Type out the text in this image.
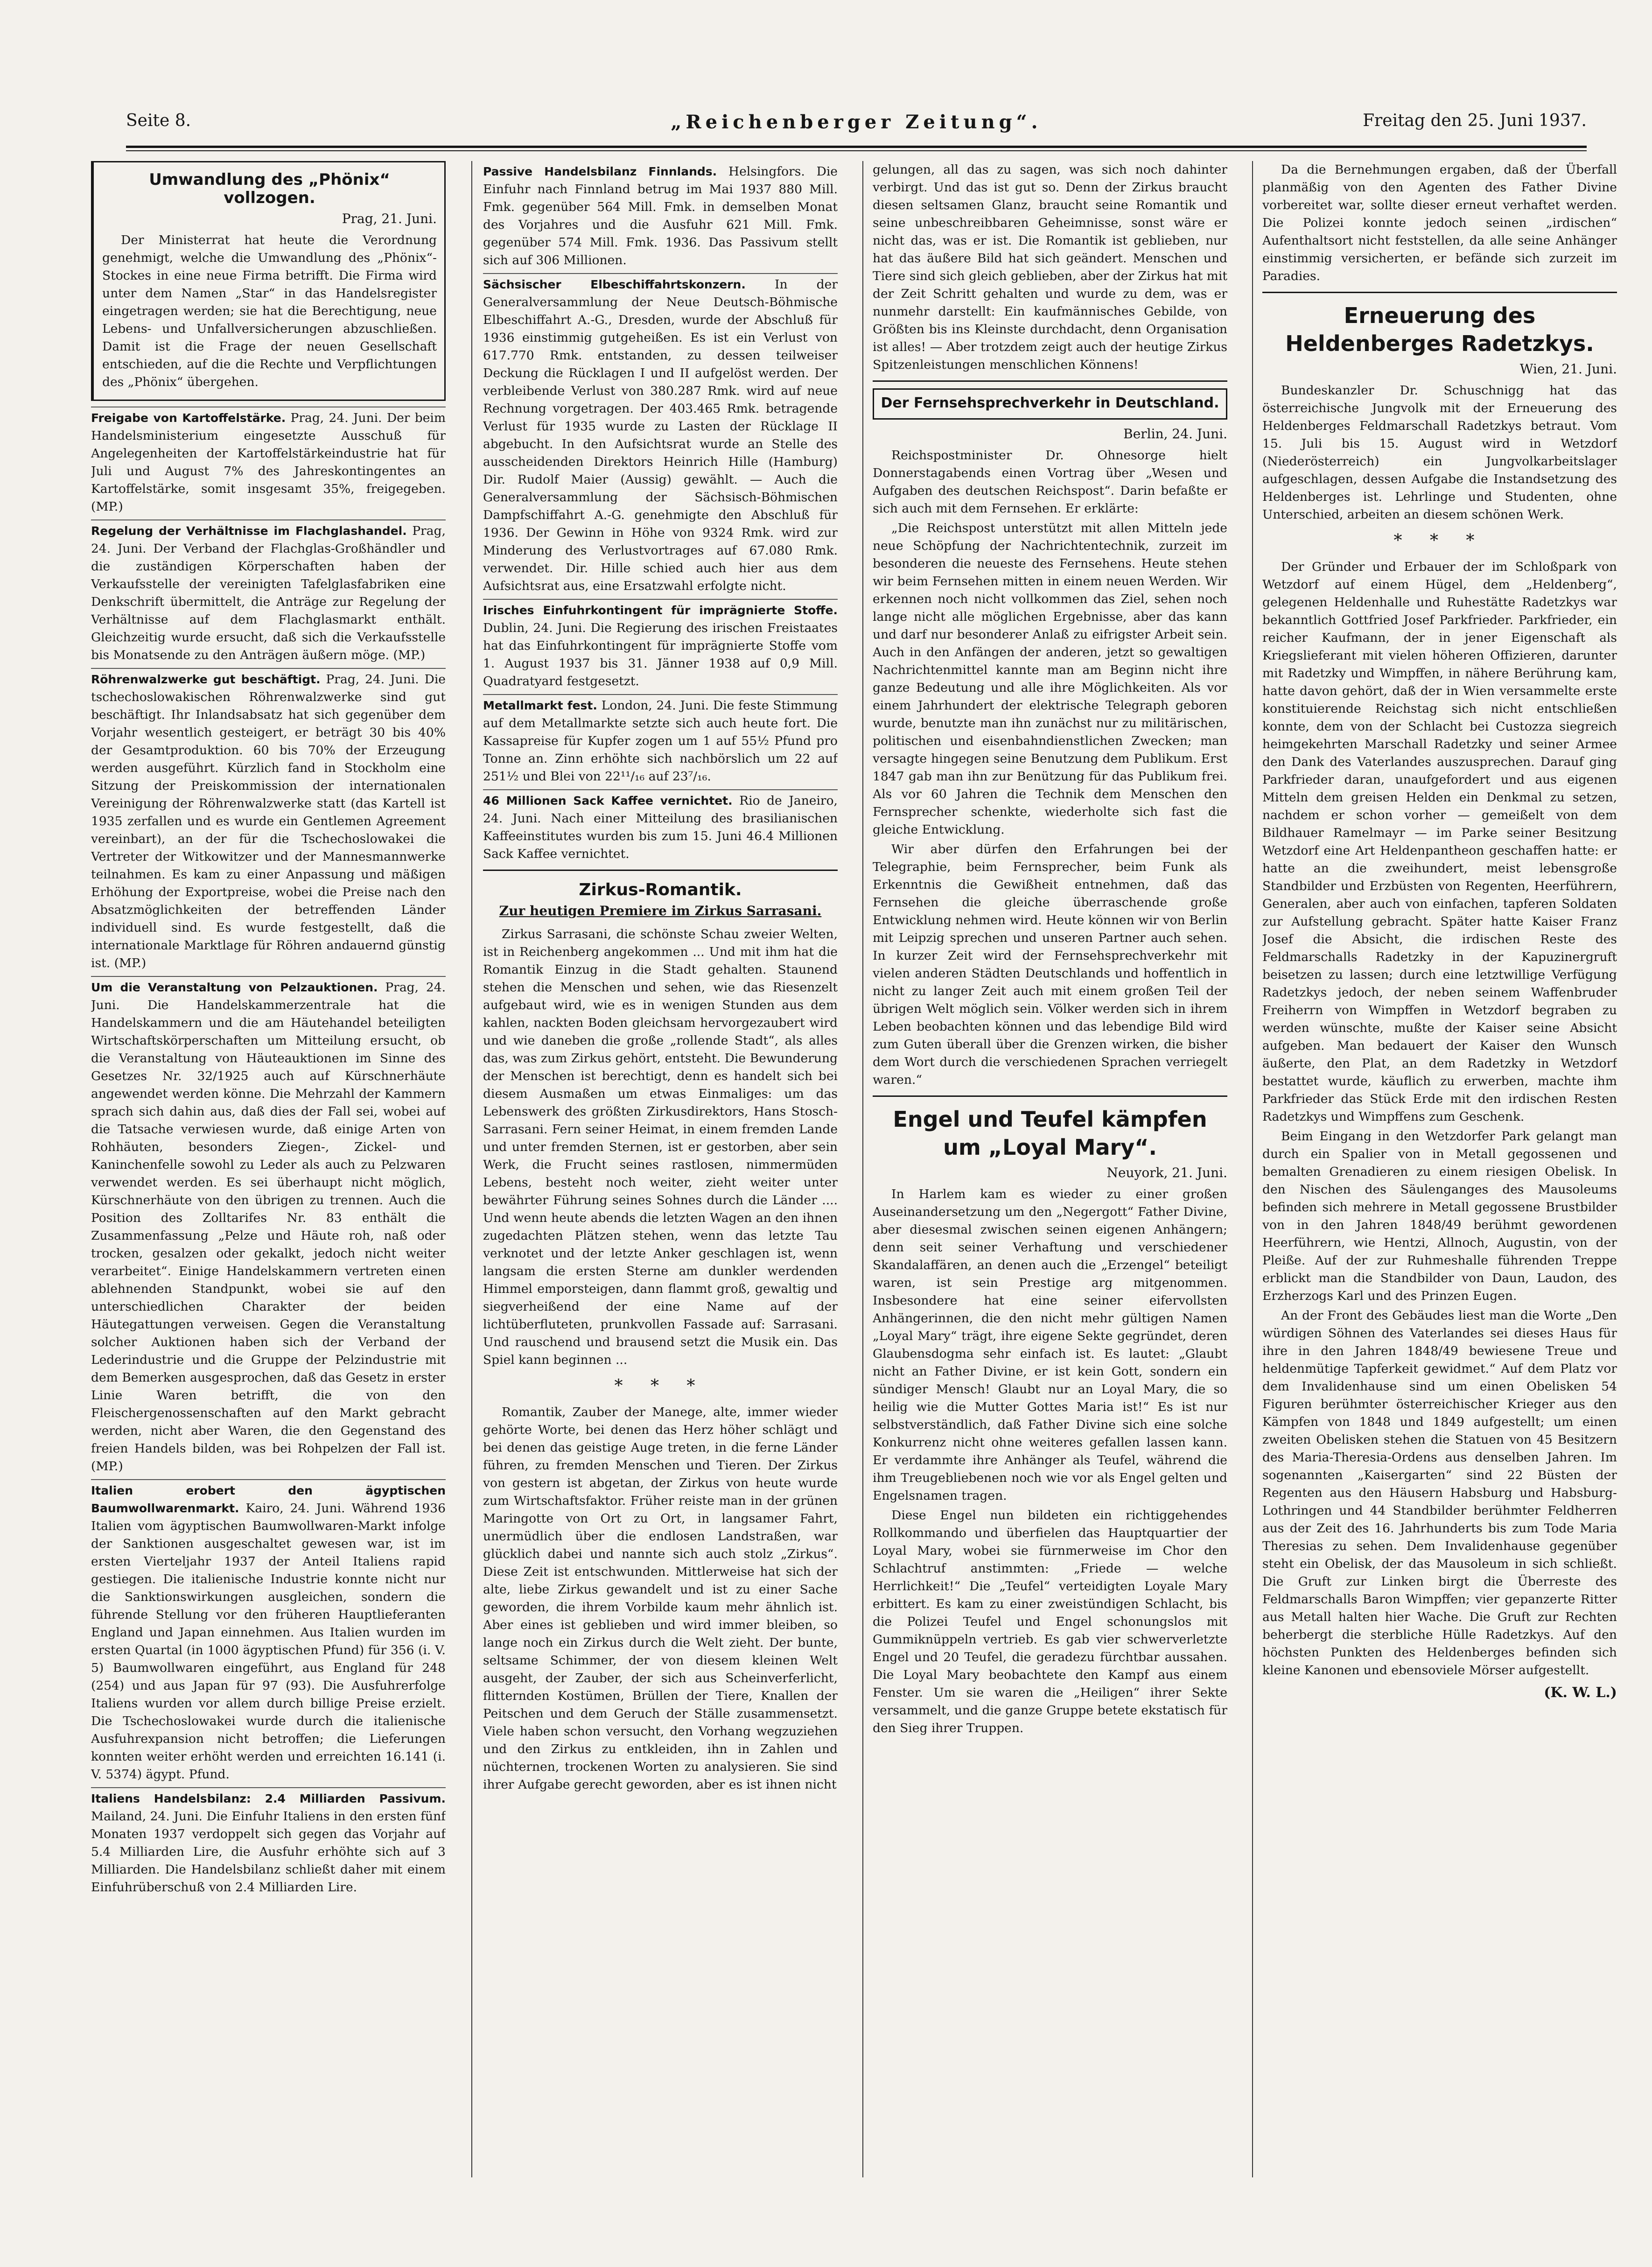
Seite 8.	„Reichenberger Zeitung“.	Freitag den 25. Juni 1937.
Umwandlung des „Phönix“ vollzogen.
Prag, 21. Juni.

Der Ministerrat hat heute die Verordnung genehmigt, welche die Umwandlung des „Phönix“-Stockes in eine neue Firma betrifft. Die Firma wird unter dem Namen „Star“ in das Handelsregister eingetragen werden; sie hat die Berechtigung, neue Lebens- und Unfallversicherungen abzuschließen. Damit ist die Frage der neuen Gesellschaft entschieden, auf die die Rechte und Verpflichtungen des „Phönix“ übergehen.

Freigabe von Kartoffelstärke. Prag, 24. Juni. Der beim Handelsministerium eingesetzte Ausschuß für Angelegenheiten der Kartoffelstärkeindustrie hat für Juli und August 7% des Jahreskontingentes an Kartoffelstärke, somit insgesamt 35%, freigegeben. (MP.)

Regelung der Verhältnisse im Flachglashandel. Prag, 24. Juni. Der Verband der Flachglas-Großhändler und die zuständigen Körperschaften haben der Verkaufsstelle der vereinigten Tafelglasfabriken eine Denkschrift übermittelt, die Anträge zur Regelung der Verhältnisse auf dem Flachglasmarkt enthält. Gleichzeitig wurde ersucht, daß sich die Verkaufsstelle bis Monatsende zu den Anträgen äußern möge. (MP.)

Röhrenwalzwerke gut beschäftigt. Prag, 24. Juni. Die tschechoslowakischen Röhrenwalzwerke sind gut beschäftigt. Ihr Inlandsabsatz hat sich gegenüber dem Vorjahr wesentlich gesteigert, er beträgt 30 bis 40% der Gesamtproduktion. 60 bis 70% der Erzeugung werden ausgeführt. Kürzlich fand in Stockholm eine Sitzung der Preiskommission der internationalen Vereinigung der Röhrenwalzwerke statt (das Kartell ist 1935 zerfallen und es wurde ein Gentlemen Agreement vereinbart), an der für die Tschechoslowakei die Vertreter der Witkowitzer und der Mannesmannwerke teilnahmen. Es kam zu einer Anpassung und mäßigen Erhöhung der Exportpreise, wobei die Preise nach den Absatzmöglichkeiten der betreffenden Länder individuell sind. Es wurde festgestellt, daß die internationale Marktlage für Röhren andauernd günstig ist. (MP.)

Um die Veranstaltung von Pelzauktionen. Prag, 24. Juni. Die Handelskammerzentrale hat die Handelskammern und die am Häutehandel beteiligten Wirtschaftskörperschaften um Mitteilung ersucht, ob die Veranstaltung von Häuteauktionen im Sinne des Gesetzes Nr. 32/1925 auch auf Kürschnerhäute angewendet werden könne. Die Mehrzahl der Kammern sprach sich dahin aus, daß dies der Fall sei, wobei auf die Tatsache verwiesen wurde, daß einige Arten von Rohhäuten, besonders Ziegen-, Zickel- und Kaninchenfelle sowohl zu Leder als auch zu Pelzwaren verwendet werden. Es sei überhaupt nicht möglich, Kürschnerhäute von den übrigen zu trennen. Auch die Position des Zolltarifes Nr. 83 enthält die Zusammenfassung „Pelze und Häute roh, naß oder trocken, gesalzen oder gekalkt, jedoch nicht weiter verarbeitet“. Einige Handelskammern vertreten einen ablehnenden Standpunkt, wobei sie auf den unterschiedlichen Charakter der beiden Häutegattungen verweisen. Gegen die Veranstaltung solcher Auktionen haben sich der Verband der Lederindustrie und die Gruppe der Pelzindustrie mit dem Bemerken ausgesprochen, daß das Gesetz in erster Linie Waren betrifft, die von den Fleischergenossenschaften auf den Markt gebracht werden, nicht aber Waren, die den Gegenstand des freien Handels bilden, was bei Rohpelzen der Fall ist. (MP.)

Italien erobert den ägyptischen Baumwollwarenmarkt. Kairo, 24. Juni. Während 1936 Italien vom ägyptischen Baumwollwaren-Markt infolge der Sanktionen ausgeschaltet gewesen war, ist im ersten Vierteljahr 1937 der Anteil Italiens rapid gestiegen. Die italienische Industrie konnte nicht nur die Sanktionswirkungen ausgleichen, sondern die führende Stellung vor den früheren Hauptlieferanten England und Japan einnehmen. Aus Italien wurden im ersten Quartal (in 1000 ägyptischen Pfund) für 356 (i. V. 5) Baumwollwaren eingeführt, aus England für 248 (254) und aus Japan für 97 (93). Die Ausfuhrerfolge Italiens wurden vor allem durch billige Preise erzielt. Die Tschechoslowakei wurde durch die italienische Ausfuhrexpansion nicht betroffen; die Lieferungen konnten weiter erhöht werden und erreichten 16.141 (i. V. 5374) ägypt. Pfund.

Italiens Handelsbilanz: 2.4 Milliarden Passivum. Mailand, 24. Juni. Die Einfuhr Italiens in den ersten fünf Monaten 1937 verdoppelt sich gegen das Vorjahr auf 5.4 Milliarden Lire, die Ausfuhr erhöhte sich auf 3 Milliarden. Die Handelsbilanz schließt daher mit einem Einfuhrüberschuß von 2.4 Milliarden Lire.

Passive Handelsbilanz Finnlands. Helsingfors. Die Einfuhr nach Finnland betrug im Mai 1937 880 Mill. Fmk. gegenüber 564 Mill. Fmk. in demselben Monat des Vorjahres und die Ausfuhr 621 Mill. Fmk. gegenüber 574 Mill. Fmk. 1936. Das Passivum stellt sich auf 306 Millionen.

Sächsischer Elbeschiffahrtskonzern. In der Generalversammlung der Neue Deutsch-Böhmische Elbeschiffahrt A.-G., Dresden, wurde der Abschluß für 1936 einstimmig gutgeheißen. Es ist ein Verlust von 617.770 Rmk. entstanden, zu dessen teilweiser Deckung die Rücklagen I und II aufgelöst werden. Der verbleibende Verlust von 380.287 Rmk. wird auf neue Rechnung vorgetragen. Der 403.465 Rmk. betragende Verlust für 1935 wurde zu Lasten der Rücklage II abgebucht. In den Aufsichtsrat wurde an Stelle des ausscheidenden Direktors Heinrich Hille (Hamburg) Dir. Rudolf Maier (Aussig) gewählt. — Auch die Generalversammlung der Sächsisch-Böhmischen Dampfschiffahrt A.-G. genehmigte den Abschluß für 1936. Der Gewinn in Höhe von 9324 Rmk. wird zur Minderung des Verlustvortrages auf 67.080 Rmk. verwendet. Dir. Hille schied auch hier aus dem Aufsichtsrat aus, eine Ersatzwahl erfolgte nicht.

Irisches Einfuhrkontingent für imprägnierte Stoffe. Dublin, 24. Juni. Die Regierung des irischen Freistaates hat das Einfuhrkontingent für imprägnierte Stoffe vom 1. August 1937 bis 31. Jänner 1938 auf 0,9 Mill. Quadratyard festgesetzt.

Metallmarkt fest. London, 24. Juni. Die feste Stimmung auf dem Metallmarkte setzte sich auch heute fort. Die Kassapreise für Kupfer zogen um 1 auf 55½ Pfund pro Tonne an. Zinn erhöhte sich nachbörslich um 22 auf 251½ und Blei von 22¹¹/₁₆ auf 23⁷/₁₆.

46 Millionen Sack Kaffee vernichtet. Rio de Janeiro, 24. Juni. Nach einer Mitteilung des brasilianischen Kaffeeinstitutes wurden bis zum 15. Juni 46.4 Millionen Sack Kaffee vernichtet.

Zirkus-Romantik.
Zur heutigen Premiere im Zirkus Sarrasani.

Zirkus Sarrasani, die schönste Schau zweier Welten, ist in Reichenberg angekommen ... Und mit ihm hat die Romantik Einzug in die Stadt gehalten. Staunend stehen die Menschen und sehen, wie das Riesenzelt aufgebaut wird, wie es in wenigen Stunden aus dem kahlen, nackten Boden gleichsam hervorgezaubert wird und wie daneben die große „rollende Stadt“, als alles das, was zum Zirkus gehört, entsteht. Die Bewunderung der Menschen ist berechtigt, denn es handelt sich bei diesem Ausmaßen um etwas Einmaliges: um das Lebenswerk des größten Zirkusdirektors, Hans Stosch-Sarrasani. Fern seiner Heimat, in einem fremden Lande und unter fremden Sternen, ist er gestorben, aber sein Werk, die Frucht seines rastlosen, nimmermüden Lebens, besteht noch weiter, zieht weiter unter bewährter Führung seines Sohnes durch die Länder .... Und wenn heute abends die letzten Wagen an den ihnen zugedachten Plätzen stehen, wenn das letzte Tau verknotet und der letzte Anker geschlagen ist, wenn langsam die ersten Sterne am dunkler werdenden Himmel emporsteigen, dann flammt groß, gewaltig und siegverheißend der eine Name auf der lichtüberfluteten, prunkvollen Fassade auf: Sarrasani. Und rauschend und brausend setzt die Musik ein. Das Spiel kann beginnen ...

* * *

Romantik, Zauber der Manege, alte, immer wieder gehörte Worte, bei denen das Herz höher schlägt und bei denen das geistige Auge treten, in die ferne Länder führen, zu fremden Menschen und Tieren. Der Zirkus von gestern ist abgetan, der Zirkus von heute wurde zum Wirtschaftsfaktor. Früher reiste man in der grünen Maringotte von Ort zu Ort, in langsamer Fahrt, unermüdlich über die endlosen Landstraßen, war glücklich dabei und nannte sich auch stolz „Zirkus“. Diese Zeit ist entschwunden. Mittlerweise hat sich der alte, liebe Zirkus gewandelt und ist zu einer Sache geworden, die ihrem Vorbilde kaum mehr ähnlich ist. Aber eines ist geblieben und wird immer bleiben, so lange noch ein Zirkus durch die Welt zieht. Der bunte, seltsame Schimmer, der von diesem kleinen Welt ausgeht, der Zauber, der sich aus Scheinverferlicht, flitternden Kostümen, Brüllen der Tiere, Knallen der Peitschen und dem Geruch der Ställe zusammensetzt. Viele haben schon versucht, den Vorhang wegzuziehen und den Zirkus zu entkleiden, ihn in Zahlen und nüchternen, trockenen Worten zu analysieren. Sie sind ihrer Aufgabe gerecht geworden, aber es ist ihnen nicht

gelungen, all das zu sagen, was sich noch dahinter verbirgt. Und das ist gut so. Denn der Zirkus braucht diesen seltsamen Glanz, braucht seine Romantik und seine unbeschreibbaren Geheimnisse, sonst wäre er nicht das, was er ist. Die Romantik ist geblieben, nur hat das äußere Bild hat sich geändert. Menschen und Tiere sind sich gleich geblieben, aber der Zirkus hat mit der Zeit Schritt gehalten und wurde zu dem, was er nunmehr darstellt: Ein kaufmännisches Gebilde, von Größten bis ins Kleinste durchdacht, denn Organisation ist alles! — Aber trotzdem zeigt auch der heutige Zirkus Spitzenleistungen menschlichen Könnens!

Der Fernsehsprechverkehr in Deutschland.
Berlin, 24. Juni.

Reichspostminister Dr. Ohnesorge hielt Donnerstagabends einen Vortrag über „Wesen und Aufgaben des deutschen Reichspost“. Darin befaßte er sich auch mit dem Fernsehen. Er erklärte:

„Die Reichspost unterstützt mit allen Mitteln jede neue Schöpfung der Nachrichtentechnik, zurzeit im besonderen die neueste des Fernsehens. Heute stehen wir beim Fernsehen mitten in einem neuen Werden. Wir erkennen noch nicht vollkommen das Ziel, sehen noch lange nicht alle möglichen Ergebnisse, aber das kann und darf nur besonderer Anlaß zu eifrigster Arbeit sein. Auch in den Anfängen der anderen, jetzt so gewaltigen Nachrichtenmittel kannte man am Beginn nicht ihre ganze Bedeutung und alle ihre Möglichkeiten. Als vor einem Jahrhundert der elektrische Telegraph geboren wurde, benutzte man ihn zunächst nur zu militärischen, politischen und eisenbahndienstlichen Zwecken; man versagte hingegen seine Benutzung dem Publikum. Erst 1847 gab man ihn zur Benützung für das Publikum frei. Als vor 60 Jahren die Technik dem Menschen den Fernsprecher schenkte, wiederholte sich fast die gleiche Entwicklung.

Wir aber dürfen den Erfahrungen bei der Telegraphie, beim Fernsprecher, beim Funk als Erkenntnis die Gewißheit entnehmen, daß das Fernsehen die gleiche überraschende große Entwicklung nehmen wird. Heute können wir von Berlin mit Leipzig sprechen und unseren Partner auch sehen. In kurzer Zeit wird der Fernsehsprechverkehr mit vielen anderen Städten Deutschlands und hoffentlich in nicht zu langer Zeit auch mit einem großen Teil der übrigen Welt möglich sein. Völker werden sich in ihrem Leben beobachten können und das lebendige Bild wird zum Guten überall über die Grenzen wirken, die bisher dem Wort durch die verschiedenen Sprachen verriegelt waren.“

Engel und Teufel kämpfen um „Loyal Mary“.
Neuyork, 21. Juni.

In Harlem kam es wieder zu einer großen Auseinandersetzung um den „Negergott“ Father Divine, aber diesesmal zwischen seinen eigenen Anhängern; denn seit seiner Verhaftung und verschiedener Skandalaffären, an denen auch die „Erzengel“ beteiligt waren, ist sein Prestige arg mitgenommen. Insbesondere hat eine seiner eifervollsten Anhängerinnen, die den nicht mehr gültigen Namen „Loyal Mary“ trägt, ihre eigene Sekte gegründet, deren Glaubensdogma sehr einfach ist. Es lautet: „Glaubt nicht an Father Divine, er ist kein Gott, sondern ein sündiger Mensch! Glaubt nur an Loyal Mary, die so heilig wie die Mutter Gottes Maria ist!“ Es ist nur selbstverständlich, daß Father Divine sich eine solche Konkurrenz nicht ohne weiteres gefallen lassen kann. Er verdammte ihre Anhänger als Teufel, während die ihm Treugebliebenen noch wie vor als Engel gelten und Engelsnamen tragen.

Diese Engel nun bildeten ein richtiggehendes Rollkommando und überfielen das Hauptquartier der Loyal Mary, wobei sie fürnmerweise im Chor den Schlachtruf anstimmten: „Friede — welche Herrlichkeit!“ Die „Teufel“ verteidigten Loyale Mary erbittert. Es kam zu einer zweistündigen Schlacht, bis die Polizei Teufel und Engel schonungslos mit Gummiknüppeln vertrieb. Es gab vier schwerverletzte Engel und 20 Teufel, die geradezu fürchtbar aussahen. Die Loyal Mary beobachtete den Kampf aus einem Fenster. Um sie waren die „Heiligen“ ihrer Sekte versammelt, und die ganze Gruppe betete ekstatisch für den Sieg ihrer Truppen.

Da die Bernehmungen ergaben, daß der Überfall planmäßig von den Agenten des Father Divine vorbereitet war, sollte dieser erneut verhaftet werden. Die Polizei konnte jedoch seinen „irdischen“ Aufenthaltsort nicht feststellen, da alle seine Anhänger einstimmig versicherten, er befände sich zurzeit im Paradies.

Erneuerung des Heldenberges Radetzkys.
Wien, 21. Juni.

Bundeskanzler Dr. Schuschnigg hat das österreichische Jungvolk mit der Erneuerung des Heldenberges Feldmarschall Radetzkys betraut. Vom 15. Juli bis 15. August wird in Wetzdorf (Niederösterreich) ein Jungvolkarbeitslager aufgeschlagen, dessen Aufgabe die Instandsetzung des Heldenberges ist. Lehrlinge und Studenten, ohne Unterschied, arbeiten an diesem schönen Werk.

* * *

Der Gründer und Erbauer der im Schloßpark von Wetzdorf auf einem Hügel, dem „Heldenberg“, gelegenen Heldenhalle und Ruhestätte Radetzkys war bekanntlich Gottfried Josef Parkfrieder. Parkfrieder, ein reicher Kaufmann, der in jener Eigenschaft als Kriegslieferant mit vielen höheren Offizieren, darunter mit Radetzky und Wimpffen, in nähere Berührung kam, hatte davon gehört, daß der in Wien versammelte erste konstituierende Reichstag sich nicht entschließen konnte, dem von der Schlacht bei Custozza siegreich heimgekehrten Marschall Radetzky und seiner Armee den Dank des Vaterlandes auszusprechen. Darauf ging Parkfrieder daran, unaufgefordert und aus eigenen Mitteln dem greisen Helden ein Denkmal zu setzen, nachdem er schon vorher — gemeißelt von dem Bildhauer Ramelmayr — im Parke seiner Besitzung Wetzdorf eine Art Heldenpantheon geschaffen hatte: er hatte an die zweihundert, meist lebensgroße Standbilder und Erzbüsten von Regenten, Heerführern, Generalen, aber auch von einfachen, tapferen Soldaten zur Aufstellung gebracht. Später hatte Kaiser Franz Josef die Absicht, die irdischen Reste des Feldmarschalls Radetzky in der Kapuzinergruft beisetzen zu lassen; durch eine letztwillige Verfügung Radetzkys jedoch, der neben seinem Waffenbruder Freiherrn von Wimpffen in Wetzdorf begraben zu werden wünschte, mußte der Kaiser seine Absicht aufgeben. Man bedauert der Kaiser den Wunsch äußerte, den Plat, an dem Radetzky in Wetzdorf bestattet wurde, käuflich zu erwerben, machte ihm Parkfrieder das Stück Erde mit den irdischen Resten Radetzkys und Wimpffens zum Geschenk.

Beim Eingang in den Wetzdorfer Park gelangt man durch ein Spalier von in Metall gegossenen und bemalten Grenadieren zu einem riesigen Obelisk. In den Nischen des Säulenganges des Mausoleums befinden sich mehrere in Metall gegossene Brustbilder von in den Jahren 1848/49 berühmt gewordenen Heerführern, wie Hentzi, Allnoch, Augustin, von der Pleiße. Auf der zur Ruhmeshalle führenden Treppe erblickt man die Standbilder von Daun, Laudon, des Erzherzogs Karl und des Prinzen Eugen.

An der Front des Gebäudes liest man die Worte „Den würdigen Söhnen des Vaterlandes sei dieses Haus für ihre in den Jahren 1848/49 bewiesene Treue und heldenmütige Tapferkeit gewidmet.“ Auf dem Platz vor dem Invalidenhause sind um einen Obelisken 54 Figuren berühmter österreichischer Krieger aus den Kämpfen von 1848 und 1849 aufgestellt; um einen zweiten Obelisken stehen die Statuen von 45 Besitzern des Maria-Theresia-Ordens aus denselben Jahren. Im sogenannten „Kaisergarten“ sind 22 Büsten der Regenten aus den Häusern Habsburg und Habsburg-Lothringen und 44 Standbilder berühmter Feldherren aus der Zeit des 16. Jahrhunderts bis zum Tode Maria Theresias zu sehen. Dem Invalidenhause gegenüber steht ein Obelisk, der das Mausoleum in sich schließt. Die Gruft zur Linken birgt die Überreste des Feldmarschalls Baron Wimpffen; vier gepanzerte Ritter aus Metall halten hier Wache. Die Gruft zur Rechten beherbergt die sterbliche Hülle Radetzkys. Auf den höchsten Punkten des Heldenberges befinden sich kleine Kanonen und ebensoviele Mörser aufgestellt.

(K. W. L.)
